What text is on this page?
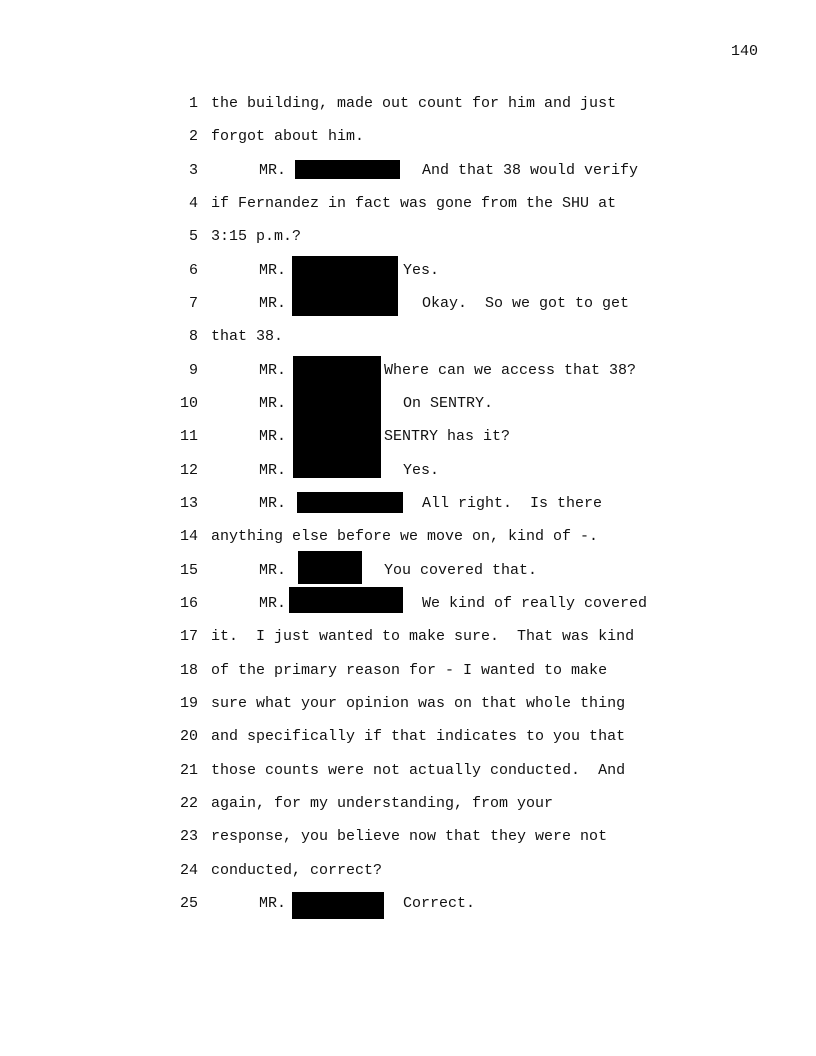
140
1 the building, made out count for him and just
2 forgot about him.
3	MR.	And that 38 would verify
4 if Fernandez in fact was gone from the SHU at
5 3:15 p.m.?
6	MR.	Yes.
7	MR.	Okay.  So we got to get
8 that 38.
9	MR.	Where can we access that 38?
10	MR.	On SENTRY.
11	MR.	SENTRY has it?
12	MR.	Yes.
13	MR.	All right.  Is there
14 anything else before we move on, kind of -.
15	MR.	You covered that.
16	MR.	We kind of really covered
17 it.  I just wanted to make sure.  That was kind
18 of the primary reason for - I wanted to make
19 sure what your opinion was on that whole thing
20 and specifically if that indicates to you that
21 those counts were not actually conducted.  And
22 again, for my understanding, from your
23 response, you believe now that they were not
24 conducted, correct?
25	MR.	Correct.
